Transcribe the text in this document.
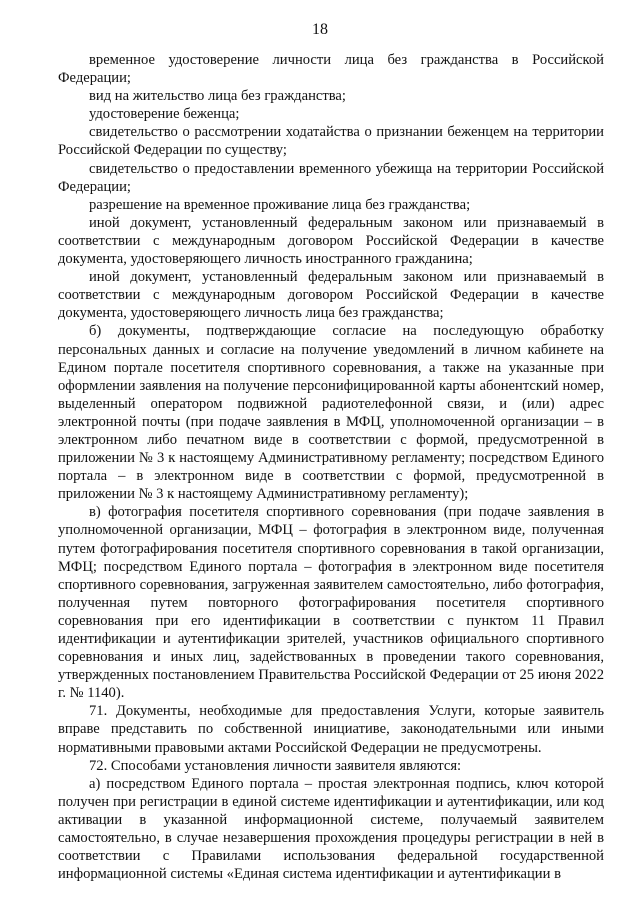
18

временное удостоверение личности лица без гражданства в Российской Федерации;

вид на жительство лица без гражданства;

удостоверение беженца;

свидетельство о рассмотрении ходатайства о признании беженцем на территории Российской Федерации по существу;

свидетельство о предоставлении временного убежища на территории Российской Федерации;

разрешение на временное проживание лица без гражданства;

иной документ, установленный федеральным законом или признаваемый в соответствии с международным договором Российской Федерации в качестве документа, удостоверяющего личность иностранного гражданина;

иной документ, установленный федеральным законом или признаваемый в соответствии с международным договором Российской Федерации в качестве документа, удостоверяющего личность лица без гражданства;

б) документы, подтверждающие согласие на последующую обработку персональных данных и согласие на получение уведомлений в личном кабинете на Едином портале посетителя спортивного соревнования, а также на указанные при оформлении заявления на получение персонифицированной карты абонентский номер, выделенный оператором подвижной радиотелефонной связи, и (или) адрес электронной почты (при подаче заявления в МФЦ, уполномоченной организации – в электронном либо печатном виде в соответствии с формой, предусмотренной в приложении № 3 к настоящему Административному регламенту; посредством Единого портала – в электронном виде в соответствии с формой, предусмотренной в приложении № 3 к настоящему Административному регламенту);

в) фотография посетителя спортивного соревнования (при подаче заявления в уполномоченной организации, МФЦ – фотография в электронном виде, полученная путем фотографирования посетителя спортивного соревнования в такой организации, МФЦ; посредством Единого портала – фотография в электронном виде посетителя спортивного соревнования, загруженная заявителем самостоятельно, либо фотография, полученная путем повторного фотографирования посетителя спортивного соревнования при его идентификации в соответствии с пунктом 11 Правил идентификации и аутентификации зрителей, участников официального спортивного соревнования и иных лиц, задействованных в проведении такого соревнования, утвержденных постановлением Правительства Российской Федерации от 25 июня 2022 г. № 1140).

71. Документы, необходимые для предоставления Услуги, которые заявитель вправе представить по собственной инициативе, законодательными или иными нормативными правовыми актами Российской Федерации не предусмотрены.

72. Способами установления личности заявителя являются:

а) посредством Единого портала – простая электронная подпись, ключ которой получен при регистрации в единой системе идентификации и аутентификации, или код активации в указанной информационной системе, получаемый заявителем самостоятельно, в случае незавершения прохождения процедуры регистрации в ней в соответствии с Правилами использования федеральной государственной информационной системы «Единая система идентификации и аутентификации в
